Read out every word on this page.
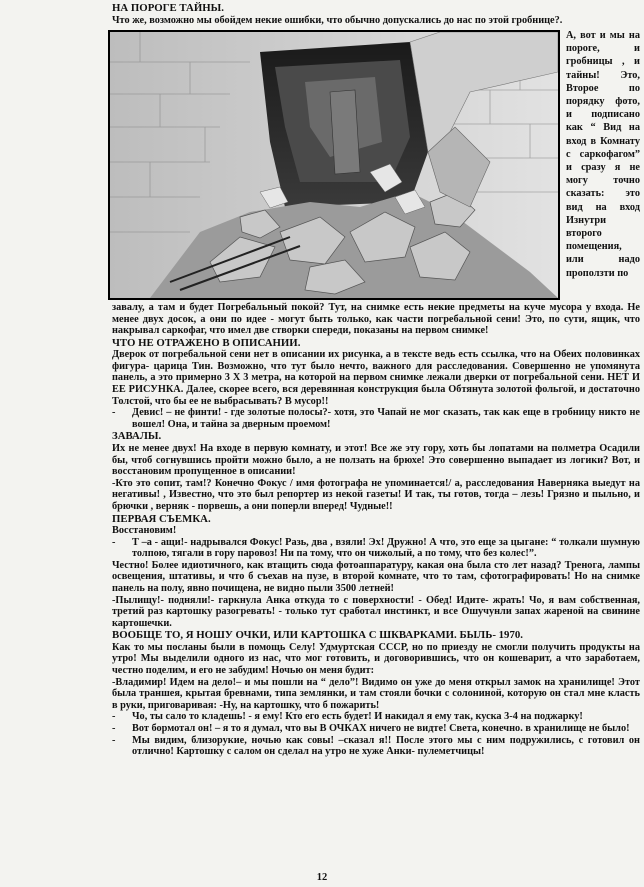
НА ПОРОГЕ ТАЙНЫ.
Что же, возможно мы обойдем некие ошибки, что обычно допускались до нас по этой гробнице?.
А, вот и мы на пороге, и гробницы , и тайны! Это, Второе по порядку фото, и подписано как “ Вид на вход в Комнату с саркофагом” и сразу я не могу точно сказать: это вид на вход Изнутри второго помещения, или надо проползти по

завалу, а там и будет Погребальный покой? Тут, на снимке есть некие предметы на куче мусора у входа. Не менее двух досок, а они по идее - могут быть только, как части погребальной сени! Это, по сути, ящик, что накрывал саркофаг, что имел две створки спереди, показаны на первом снимке!

ЧТО НЕ ОТРАЖЕНО В ОПИСАНИИ.

Дверок от погребальной сени нет в описании их рисунка, а в тексте ведь есть ссылка, что на Обеих половинках фигура- царица Тин. Возможно, что тут было нечто, важного для расследования. Совершенно не упомянута панель, а это примерно 3 Х 3 метра, на которой на первом снимке лежали дверки от погребальной сени. НЕТ И ЕЕ РИСУНКА. Далее, скорее всего, вся деревянная конструкция была Обтянута золотой фольгой, и достаточно Толстой, что бы ее не выбрасывать? В мусор!!

-	Девис! – не финти! - где золотые полосы?- хотя, это Чапай не мог сказать, так как еще в гробницу никто не вошел! Она, и тайна за дверным проемом!
ЗАВАЛЫ.

Их не менее двух! На входе в первую комнату, и этот! Все же эту гору, хоть бы лопатами на полметра Осадили бы, чтоб согнувшись пройти можно было, а не ползать на брюхе! Это совершенно выпадает из логики? Вот, и восстановим пропущенное в описании!

-Кто это сопит, там!? Конечно Фокус / имя фотографа не упоминается!/ а, расследования Наверняка выедут на негативы! , Известно, что это был репортер из некой газеты! И так, ты готов, тогда – лезь! Грязно и пыльно, и брючки , верняк - порвешь, а они поперли вперед! Чудные!!

ПЕРВАЯ СЪЕМКА.

Восстановим!

-	Т –а - ащи!- надрывался Фокус! Разь, два , взяли! Эх! Дружно! А что, это еще за цыгане: “ толкали шумную толпою, тягали в гору паровоз! Ни па тому, что он чижолый, а по тому, что без колес!”.

Честно! Более идиотичного, как втащить сюда фотоаппаратуру, какая она была сто лет назад? Тренога, лампы освещения, штативы, и что б съехав на пузе, в второй комнате, что то там, сфотографировать! Но на снимке панель на полу, явно почищена, не видно пыли 3500 летней!

-Пылищу!- подняли!- гаркнула Анка откуда то с поверхности! - Обед! Идите- жрать! Чо, я вам собственная, третий раз картошку разогревать! - только тут сработал инстинкт, и все Ошучунли запах жареной на свинине картошечки.

ВООБЩЕ ТО, Я НОШУ ОЧКИ, ИЛИ КАРТОШКА С ШКВАРКАМИ. БЫЛЬ- 1970.

Как то мы посланы были в помощь Селу! Удмуртская СССР, но по приезду не смогли получить продукты на утро! Мы выделили одного из нас, что мог готовить, и договорившись, что он кошеварит, а что заработаем, честно поделим, и его не забудим! Ночью он меня будит:

-Владимир! Идем на дело!– и мы пошли на “ дело”! Видимо он уже до меня открыл замок на хранилище! Этот была траншея, крытая бревнами, типа землянки, и там стояли бочки с солониной, которую он стал мне класть в руки, приговаривая: -Ну, на картошку, что б пожарить!

-	Чо, ты сало то кладешь! - я ему! Кто его есть будет! И накидал я ему так, куска 3-4 на поджарку!
-	Вот бормотал он! – я то я думал, что вы В ОЧКАХ ничего не видте! Света, конечно. в хранилище не было!
-	Мы видим, близорукие, ночью как совы! –сказал я!! После этого мы с ним подружились, с готовил он отлично! Картошку с салом он сделал на утро не хуже Анки- пулеметчицы!
12
